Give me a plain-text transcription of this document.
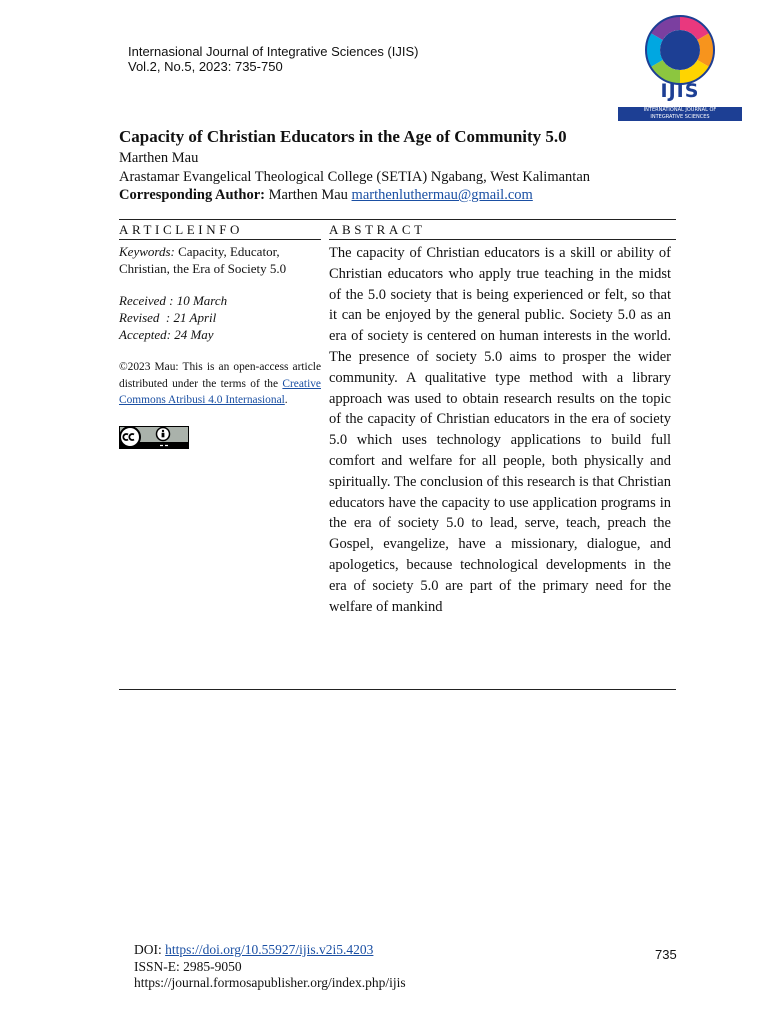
Internasional Journal of Integrative Sciences (IJIS)
Vol.2, No.5, 2023: 735-750
IJIS
INTERNATIONAL JOURNAL OF
INTEGRATIVE SCIENCES
Capacity of Christian Educators in the Age of Community 5.0
Marthen Mau
Arastamar Evangelical Theological College (SETIA) Ngabang, West Kalimantan
Corresponding Author: Marthen Mau marthenluthermau@gmail.com
ARTICLEINFO	ABSTRACT
Keywords: Capacity, Educator, Christian, the Era of Society 5.0
Received : 10 March
Revised  : 21 April
Accepted: 24 May
©2023 Mau: This is an open-access article distributed under the terms of the Creative Commons Atribusi 4.0 Internasional.
The capacity of Christian educators is a skill or ability of Christian educators who apply true teaching in the midst of the 5.0 society that is being experienced or felt, so that it can be enjoyed by the general public. Society 5.0 as an era of society is centered on human interests in the world. The presence of society 5.0 aims to prosper the wider community. A qualitative type method with a library approach was used to obtain research results on the topic of the capacity of Christian educators in the era of society 5.0 which uses technology applications to build full comfort and welfare for all people, both physically and spiritually. The conclusion of this research is that Christian educators have the capacity to use application programs in the era of society 5.0 to lead, serve, teach, preach the Gospel, evangelize, have a missionary, dialogue, and apologetics, because technological developments in the era of society 5.0 are part of the primary need for the welfare of mankind
DOI: https://doi.org/10.55927/ijis.v2i5.4203
ISSN-E: 2985-9050
https://journal.formosapublisher.org/index.php/ijis
735
